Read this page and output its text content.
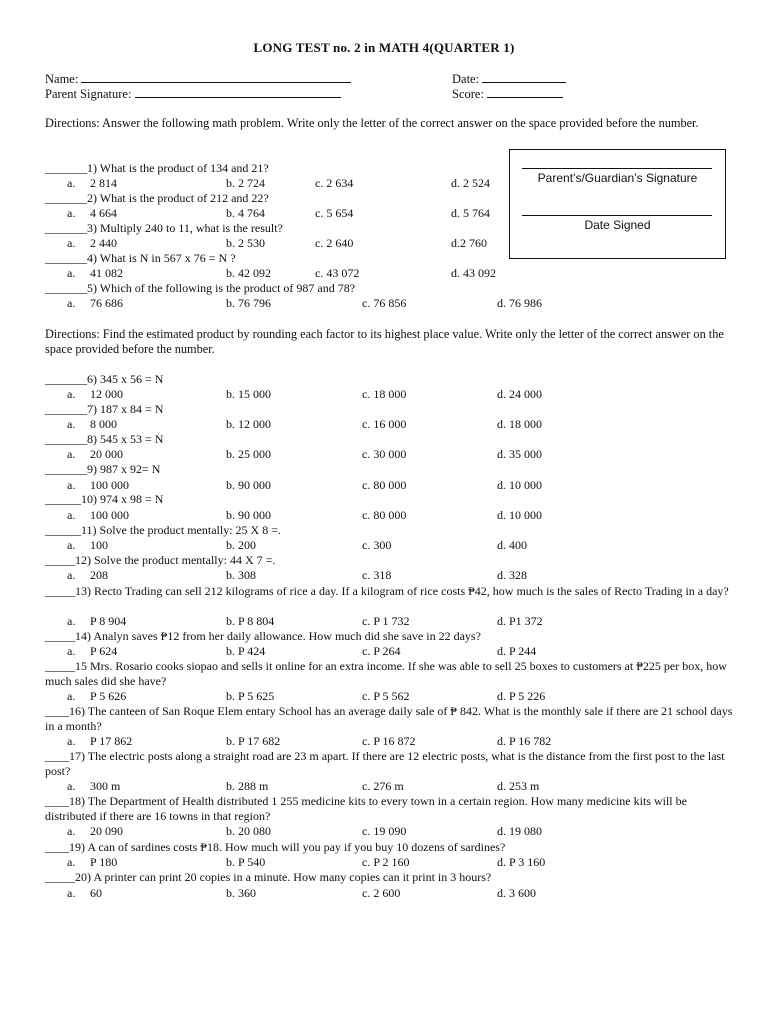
LONG TEST no. 2 in MATH 4(QUARTER 1)
Name:	Date:
Parent Signature:	Score:
Directions: Answer the following math problem. Write only the letter of the correct answer on the space provided before the number.
Parent’s/Guardian’s Signature
Date Signed
_______1) What is the product of 134 and 21?
a. 2 814	b. 2 724	c. 2 634	d. 2 524
_______2) What is the product of 212 and 22?
a. 4 664	b. 4 764	c. 5 654	d. 5 764
_______3) Multiply 240 to 11, what is the result?
a. 2 440	b. 2 530	c. 2 640	d.2 760
_______4) What is N in 567 x 76 = N ?
a. 41 082	b. 42 092	c. 43 072	d. 43 092
_______5) Which of the following is the product of 987 and 78?
a. 76 686	b. 76 796	c. 76 856	d. 76 986
Directions: Find the estimated product by rounding each factor to its highest place value. Write only the letter of the correct answer on the space provided before the number.
_______6) 345 x 56 = N
a. 12 000	b. 15 000	c. 18 000	d. 24 000
_______7) 187 x 84 = N
a. 8 000	b. 12 000	c. 16 000	d. 18 000
_______8) 545 x 53 = N
a. 20 000	b. 25 000	c. 30 000	d. 35 000
_______9) 987 x 92= N
a. 100 000	b. 90 000	c. 80 000	d. 10 000
______10) 974 x 98 = N
a. 100 000	b. 90 000	c. 80 000	d. 10 000
______11) Solve the product mentally: 25 X 8 =.
a. 100	b. 200	c. 300	d. 400
_____12) Solve the product mentally: 44 X 7 =.
a. 208	b. 308	c. 318	d. 328
_____13) Recto Trading can sell 212 kilograms of rice a day. If a kilogram of rice costs ₱42, how much is the sales of Recto Trading in a day?
a. P 8 904	b. P 8 804	c. P 1 732	d. P1 372
_____14) Analyn saves ₱12 from her daily allowance. How much did she save in 22 days?
a. P 624	b. P 424	c. P 264	d. P 244
_____15 Mrs. Rosario cooks siopao and sells it online for an extra income. If she was able to sell 25 boxes to customers at ₱225 per box, how much sales did she have?
a. P 5 626	b. P 5 625	c. P 5 562	d. P 5 226
____16) The canteen of San Roque Elem entary School has an average daily sale of ₱ 842. What is the monthly sale if there are 21 school days in a month?
a. P 17 862	b. P 17 682	c. P 16 872	d. P 16 782
____17) The electric posts along a straight road are 23 m apart. If there are 12 electric posts, what is the distance from the first post to the last post?
a. 300 m	b. 288 m	c. 276 m	d. 253 m
____18) The Department of Health distributed 1 255 medicine kits to every town in a certain region. How many medicine kits will be distributed if there are 16 towns in that region?
a. 20 090	b. 20 080	c. 19 090	d. 19 080
____19) A can of sardines costs ₱18. How much will you pay if you buy 10 dozens of sardines?
a. P 180	b. P 540	c. P 2 160	d. P 3 160
_____20) A printer can print 20 copies in a minute. How many copies can it print in 3 hours?
a. 60	b. 360	c. 2 600	d. 3 600
